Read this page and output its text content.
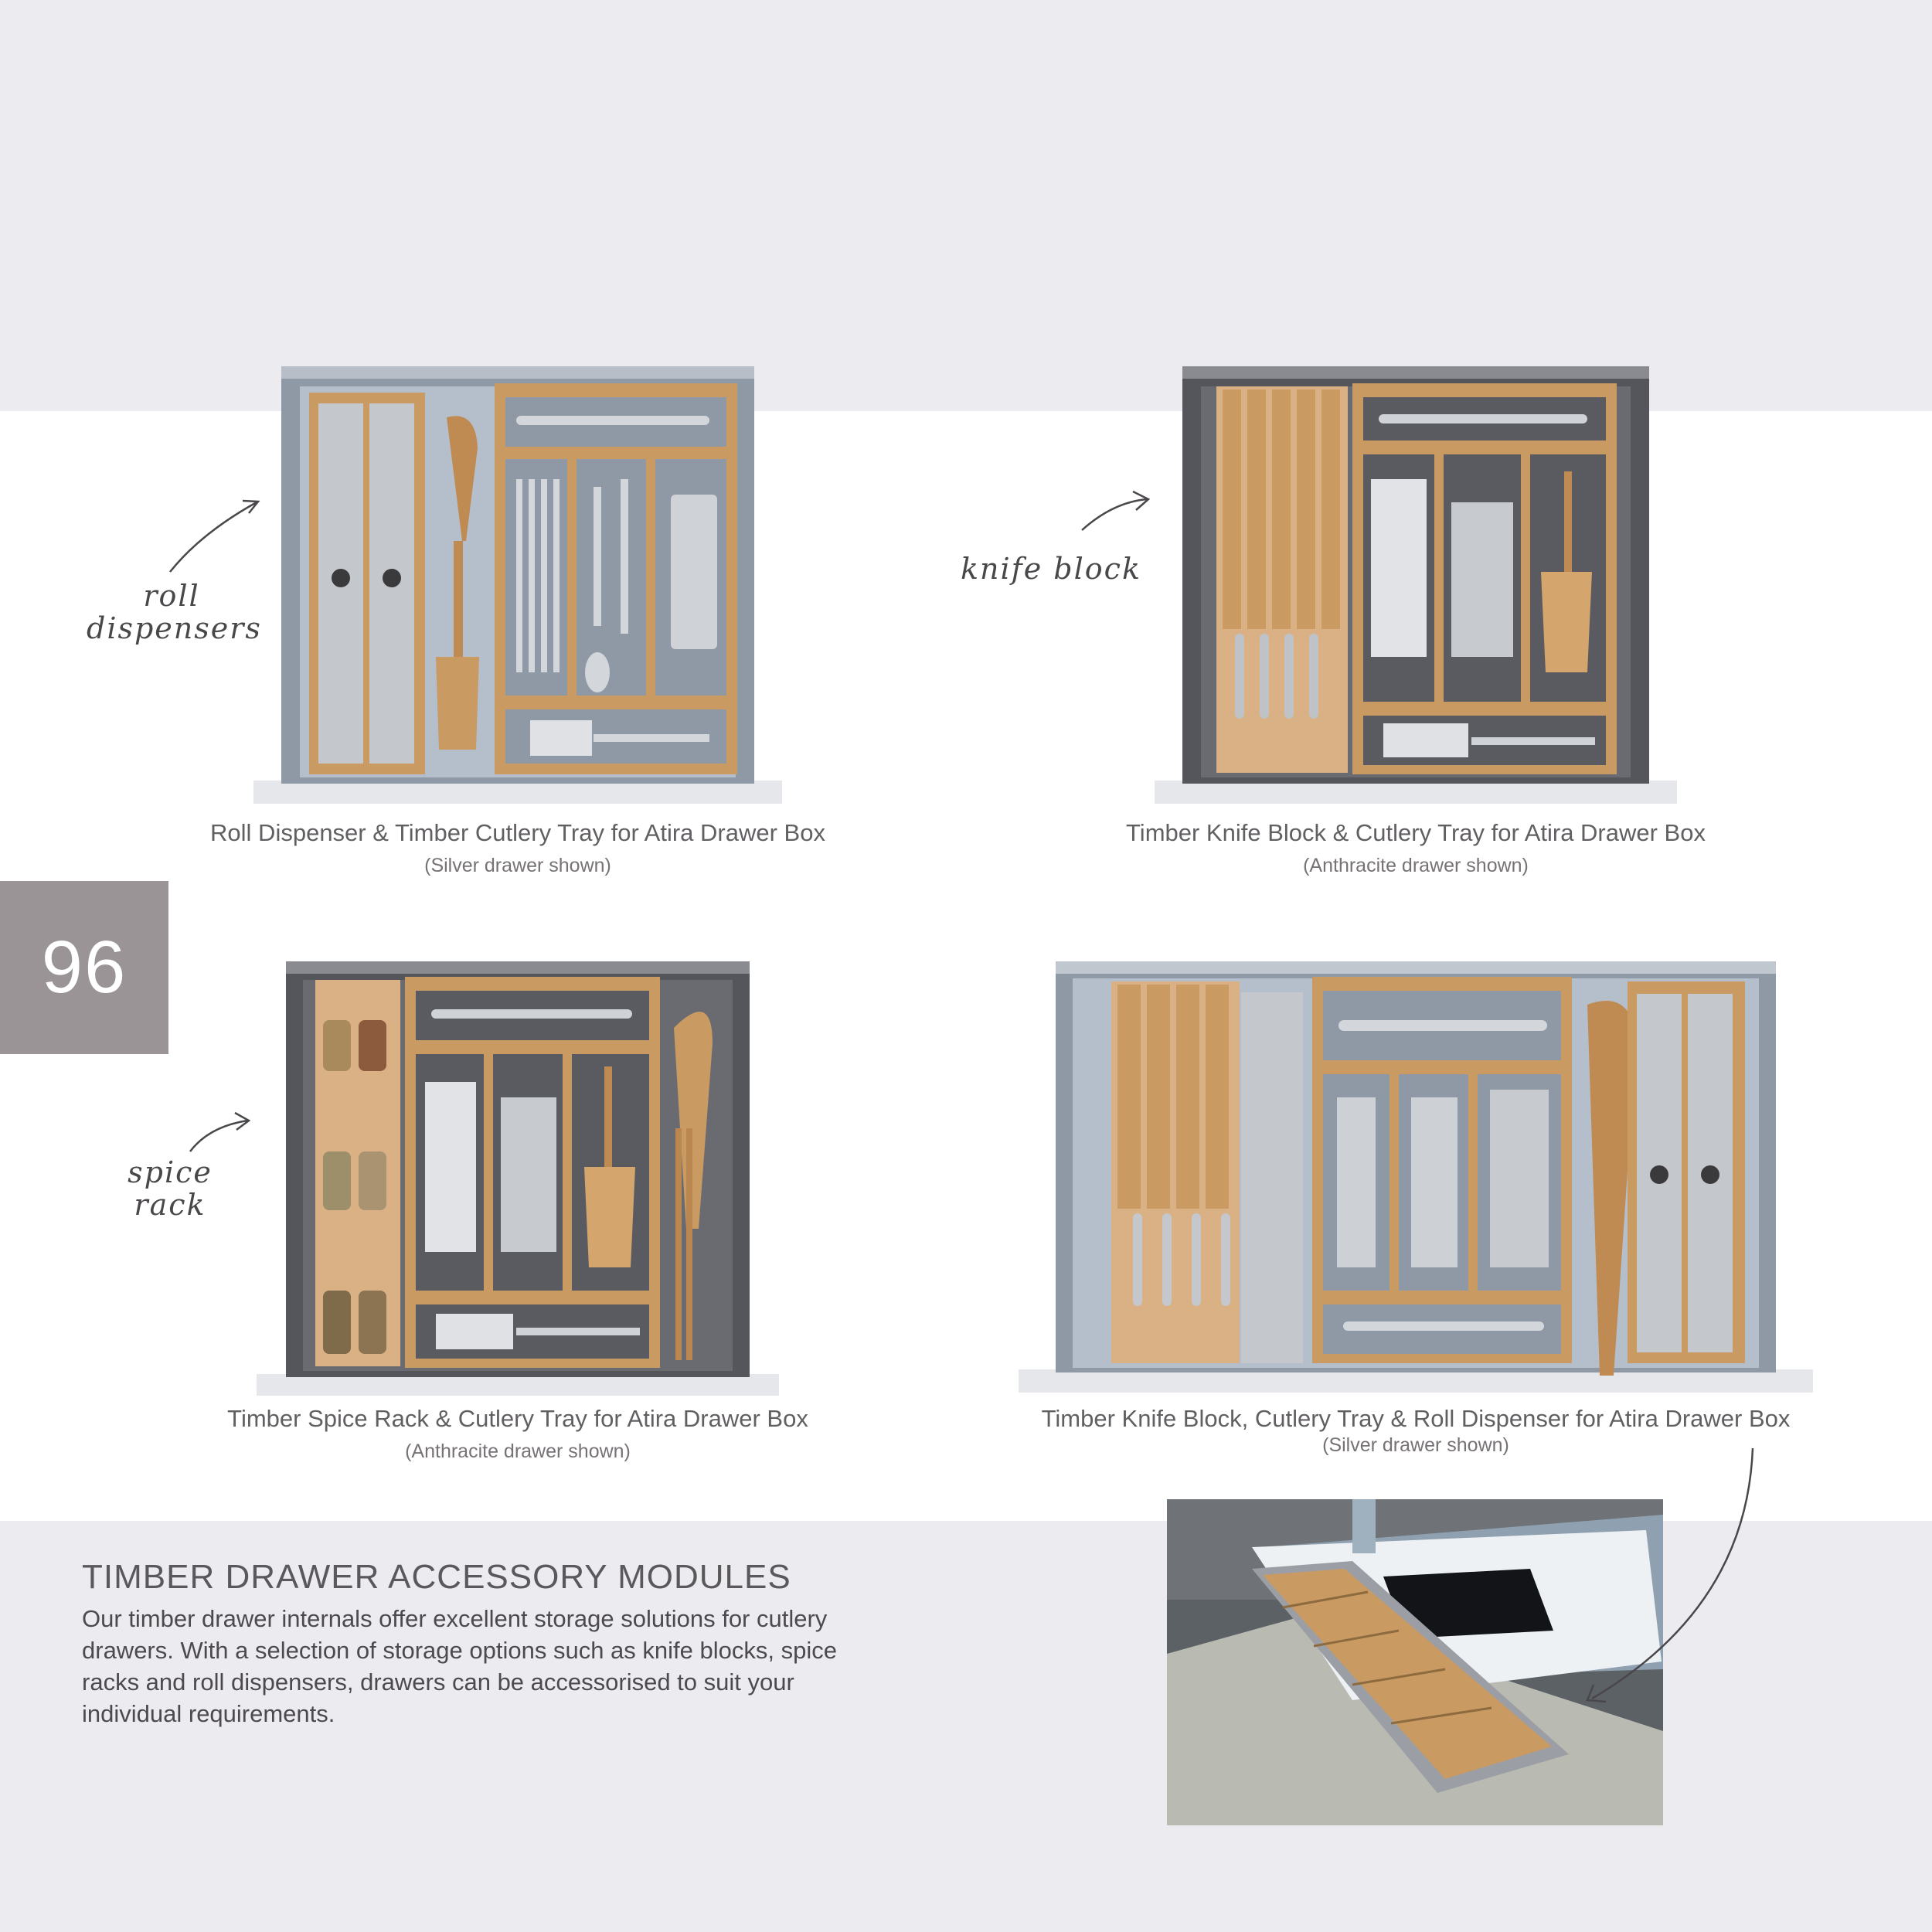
96
Roll Dispenser & Timber Cutlery Tray for Atira Drawer Box
(Silver drawer shown)
Timber Knife Block & Cutlery Tray for Atira Drawer Box
(Anthracite drawer shown)
Timber Spice Rack & Cutlery Tray for Atira Drawer Box
(Anthracite drawer shown)
Timber Knife Block, Cutlery Tray & Roll Dispenser for Atira Drawer Box
(Silver drawer shown)
roll
dispensers
knife block
spice
rack
TIMBER DRAWER ACCESSORY MODULES
Our timber drawer internals offer excellent storage solutions for cutlery drawers. With a selection of storage options such as knife blocks, spice racks and roll dispensers, drawers can be accessorised to suit your individual requirements.
